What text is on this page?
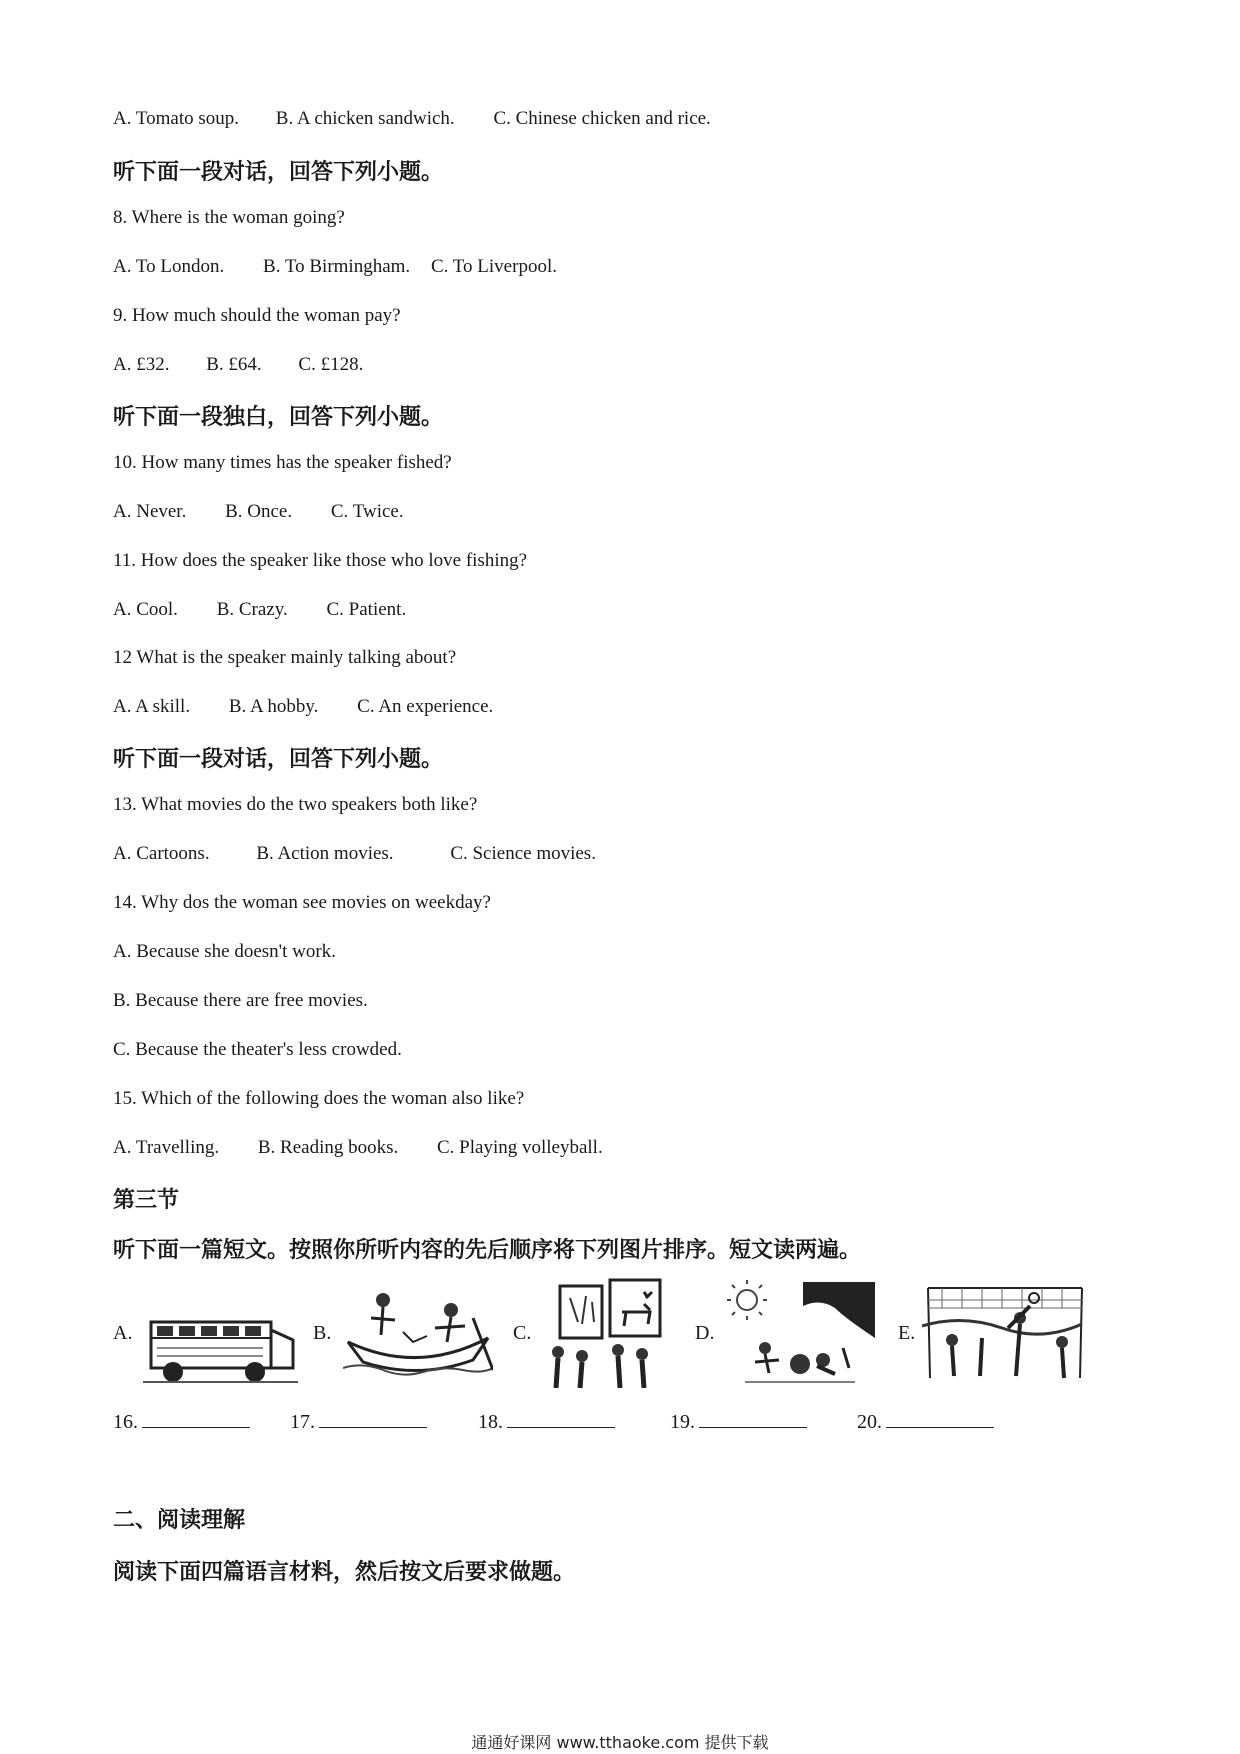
A. Tomato soup. B. A chicken sandwich. C. Chinese chicken and rice.
听下面一段对话，回答下列小题。
8. Where is the woman going?
A. To London. B. To Birmingham. C. To Liverpool.
9. How much should the woman pay?
A. £32. B. £64. C. £128.
听下面一段独白，回答下列小题。
10. How many times has the speaker fished?
A. Never. B. Once. C. Twice.
11. How does the speaker like those who love fishing?
A. Cool. B. Crazy. C. Patient.
12 What is the speaker mainly talking about?
A. A skill. B. A hobby. C. An experience.
听下面一段对话，回答下列小题。
13. What movies do the two speakers both like?
A. Cartoons. B. Action movies.	C. Science movies.
14. Why dos the woman see movies on weekday?
A. Because she doesn't work.
B. Because there are free movies.
C. Because the theater's less crowded.
15. Which of the following does the woman also like?
A. Travelling. B. Reading books. C. Playing volleyball.
第三节
听下面一篇短文。按照你所听内容的先后顺序将下列图片排序。短文读两遍。
A.	B.	C.	D.	E.
16.	17.	18.	19.	20.
二、阅读理解
阅读下面四篇语言材料，然后按文后要求做题。
通通好课网 www.tthaoke.com 提供下载
